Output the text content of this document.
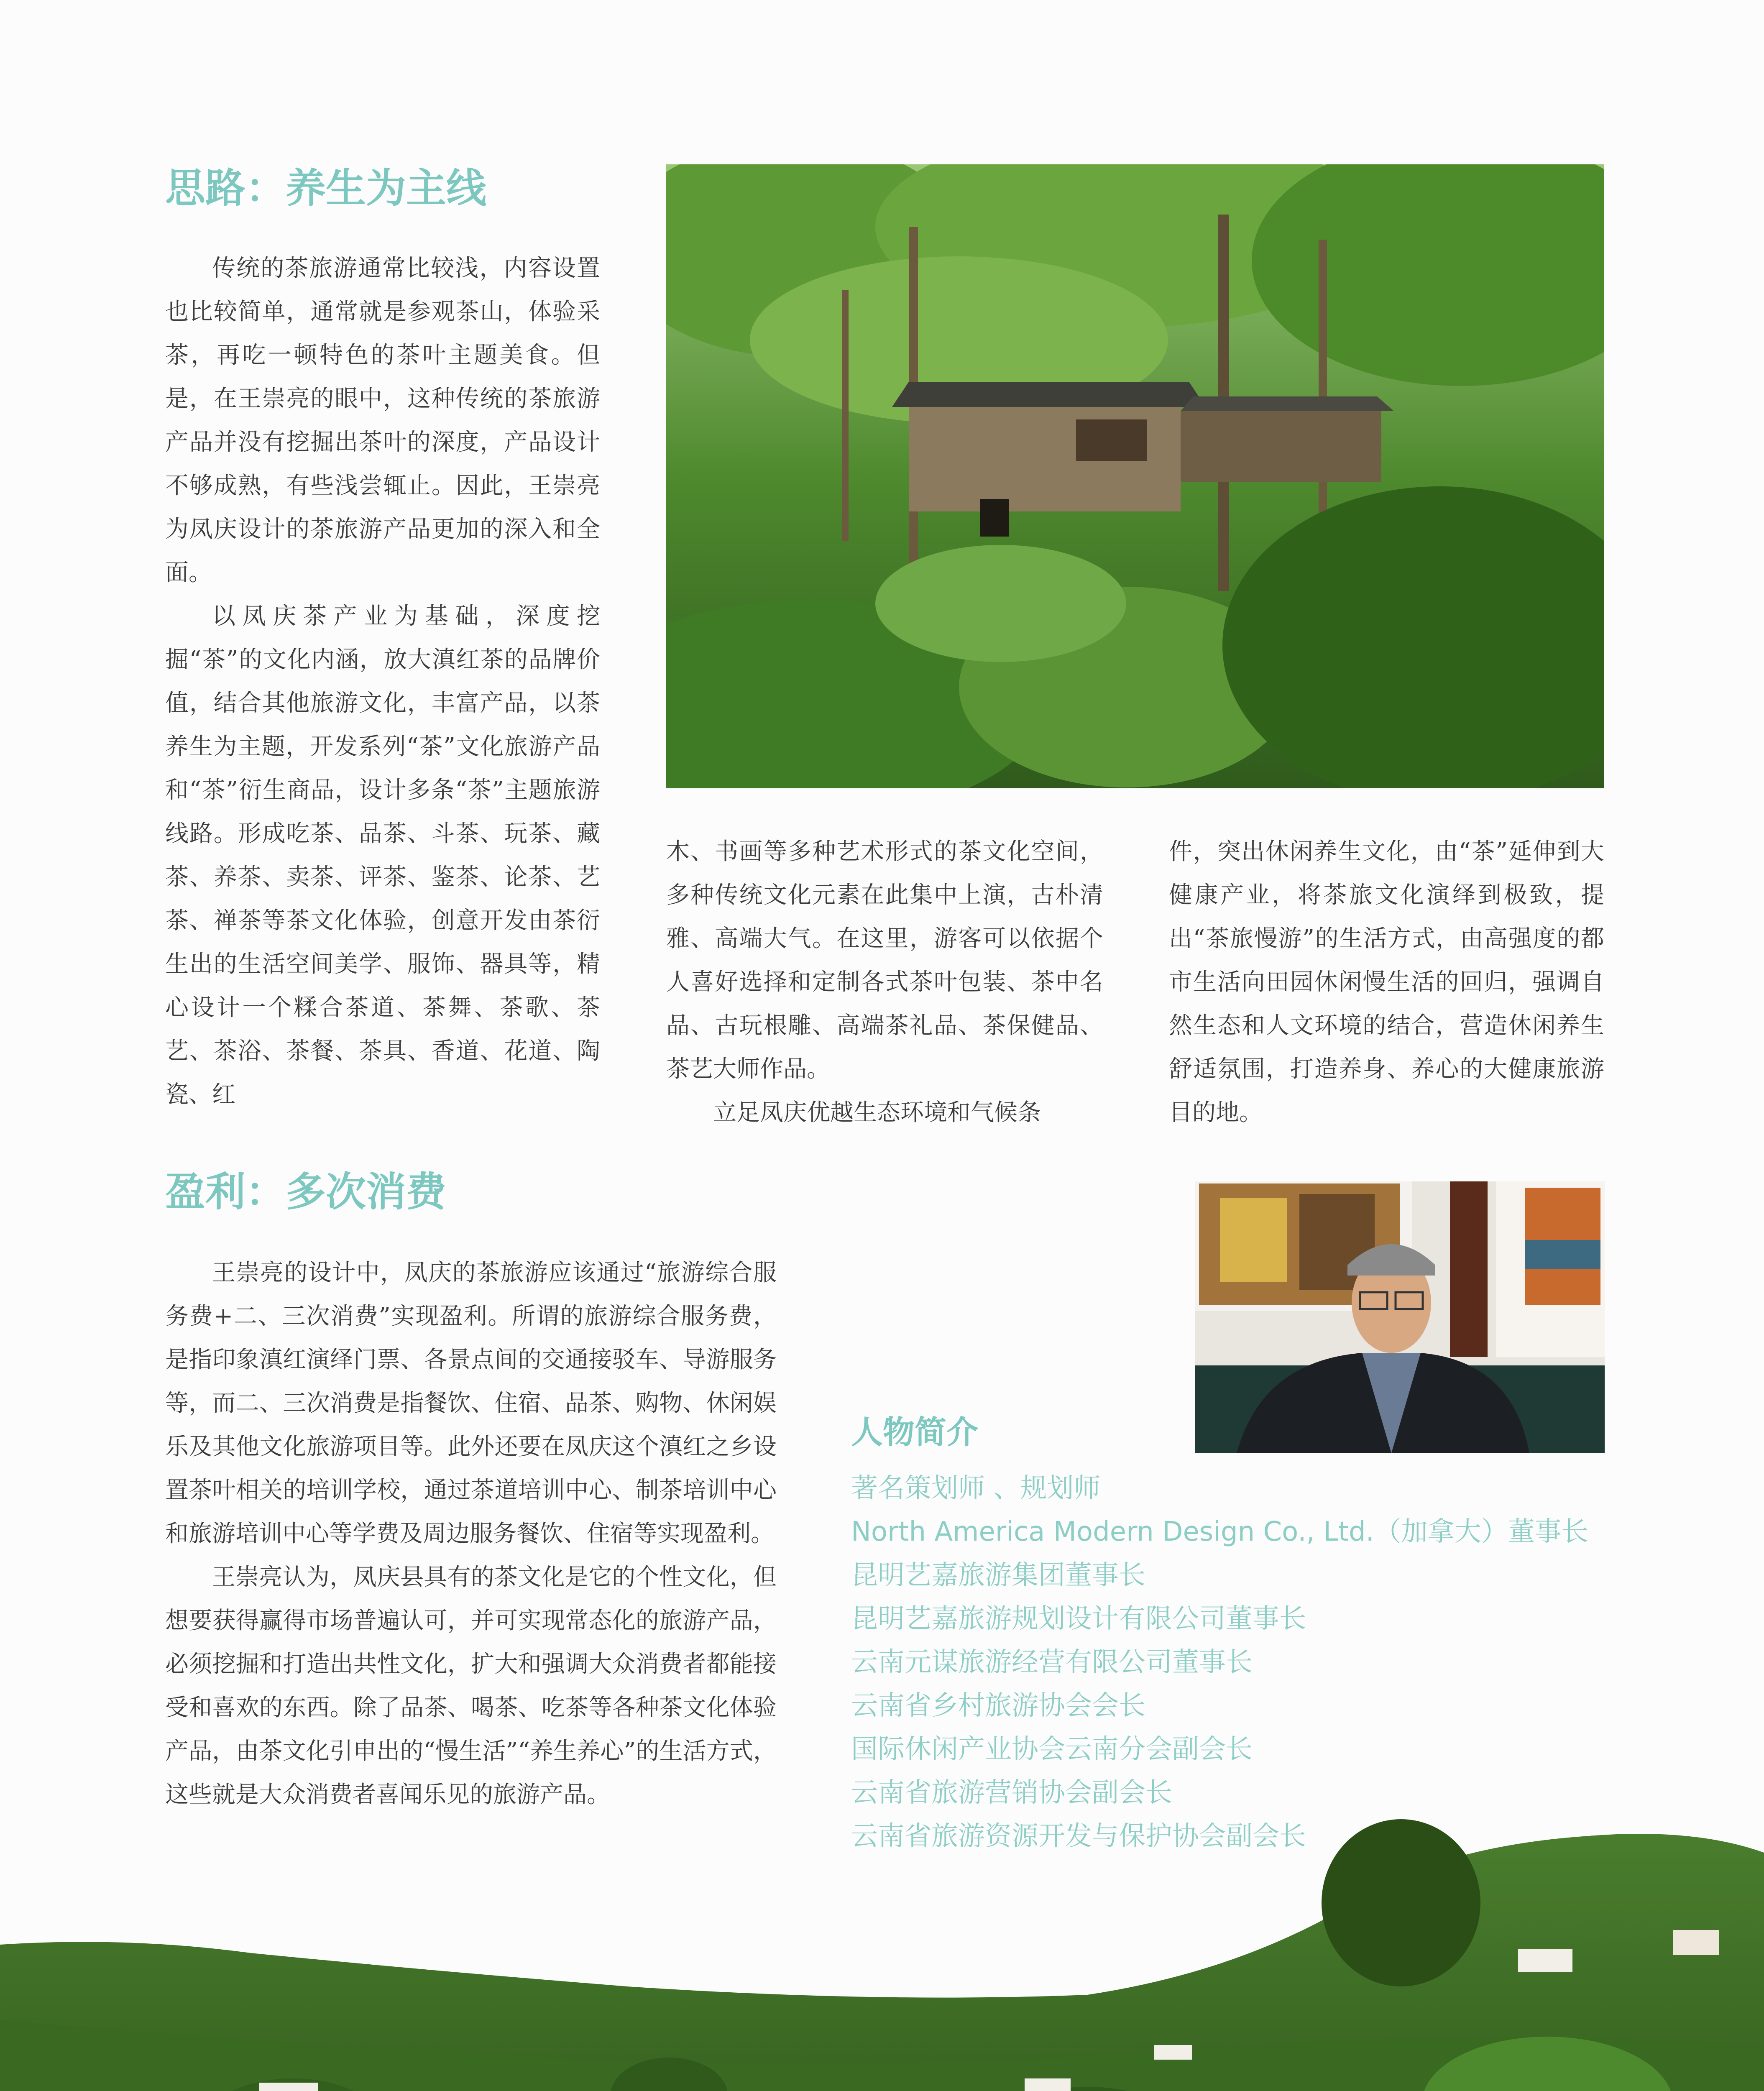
思路：养生为主线

传统的茶旅游通常比较浅，内容设置也比较简单，通常就是参观茶山，体验采茶，再吃一顿特色的茶叶主题美食。但是，在王崇亮的眼中，这种传统的茶旅游产品并没有挖掘出茶叶的深度，产品设计不够成熟，有些浅尝辄止。因此，王崇亮为凤庆设计的茶旅游产品更加的深入和全面。

以凤庆茶产业为基础，深度挖掘“茶”的文化内涵，放大滇红茶的品牌价值，结合其他旅游文化，丰富产品，以茶养生为主题，开发系列“茶”文化旅游产品和“茶”衍生商品，设计多条“茶”主题旅游线路。形成吃茶、品茶、斗茶、玩茶、藏茶、养茶、卖茶、评茶、鉴茶、论茶、艺茶、禅茶等茶文化体验，创意开发由茶衍生出的生活空间美学、服饰、器具等，精心设计一个糅合茶道、茶舞、茶歌、茶艺、茶浴、茶餐、茶具、香道、花道、陶瓷、红

木、书画等多种艺术形式的茶文化空间，多种传统文化元素在此集中上演，古朴清雅、高端大气。在这里，游客可以依据个人喜好选择和定制各式茶叶包装、茶中名品、古玩根雕、高端茶礼品、茶保健品、茶艺大师作品。

立足凤庆优越生态环境和气候条

件，突出休闲养生文化，由“茶”延伸到大健康产业，将茶旅文化演绎到极致，提出“茶旅慢游”的生活方式，由高强度的都市生活向田园休闲慢生活的回归，强调自然生态和人文环境的结合，营造休闲养生舒适氛围，打造养身、养心的大健康旅游目的地。

盈利：多次消费

王崇亮的设计中，凤庆的茶旅游应该通过“旅游综合服务费+二、三次消费”实现盈利。所谓的旅游综合服务费，是指印象滇红演绎门票、各景点间的交通接驳车、导游服务等，而二、三次消费是指餐饮、住宿、品茶、购物、休闲娱乐及其他文化旅游项目等。此外还要在凤庆这个滇红之乡设置茶叶相关的培训学校，通过茶道培训中心、制茶培训中心和旅游培训中心等学费及周边服务餐饮、住宿等实现盈利。

王崇亮认为，凤庆县具有的茶文化是它的个性文化，但想要获得赢得市场普遍认可，并可实现常态化的旅游产品，必须挖掘和打造出共性文化，扩大和强调大众消费者都能接受和喜欢的东西。除了品茶、喝茶、吃茶等各种茶文化体验产品，由茶文化引申出的“慢生活”“养生养心”的生活方式，这些就是大众消费者喜闻乐见的旅游产品。

人物简介
著名策划师 、规划师
North America Modern Design Co., Ltd.（加拿大）董事长
昆明艺嘉旅游集团董事长
昆明艺嘉旅游规划设计有限公司董事长
云南元谋旅游经营有限公司董事长
云南省乡村旅游协会会长
国际休闲产业协会云南分会副会长
云南省旅游营销协会副会长
云南省旅游资源开发与保护协会副会长
